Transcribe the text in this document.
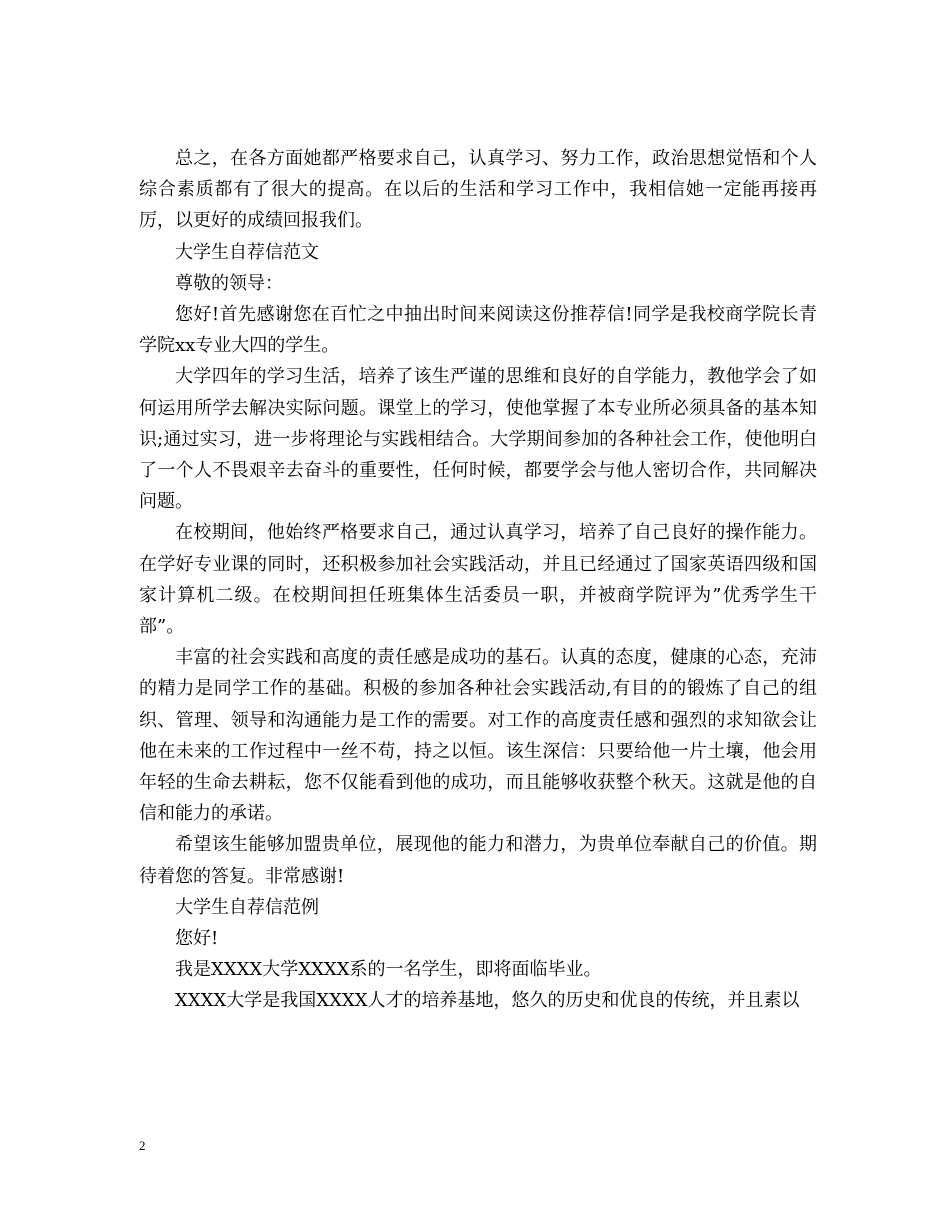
总之，在各方面她都严格要求自己，认真学习、努力工作，政治思想觉悟和个人综合素质都有了很大的提高。在以后的生活和学习工作中，我相信她一定能再接再厉，以更好的成绩回报我们。

大学生自荐信范文

尊敬的领导：

您好!首先感谢您在百忙之中抽出时间来阅读这份推荐信!同学是我校商学院长青学院xx专业大四的学生。

大学四年的学习生活，培养了该生严谨的思维和良好的自学能力，教他学会了如何运用所学去解决实际问题。课堂上的学习，使他掌握了本专业所必须具备的基本知识;通过实习，进一步将理论与实践相结合。大学期间参加的各种社会工作，使他明白了一个人不畏艰辛去奋斗的重要性，任何时候，都要学会与他人密切合作，共同解决问题。

在校期间，他始终严格要求自己，通过认真学习，培养了自己良好的操作能力。在学好专业课的同时，还积极参加社会实践活动，并且已经通过了国家英语四级和国家计算机二级。在校期间担任班集体生活委员一职，并被商学院评为”优秀学生干部”。

丰富的社会实践和高度的责任感是成功的基石。认真的态度，健康的心态，充沛的精力是同学工作的基础。积极的参加各种社会实践活动,有目的的锻炼了自己的组织、管理、领导和沟通能力是工作的需要。对工作的高度责任感和强烈的求知欲会让他在未来的工作过程中一丝不苟，持之以恒。该生深信：只要给他一片土壤，他会用年轻的生命去耕耘，您不仅能看到他的成功，而且能够收获整个秋天。这就是他的自信和能力的承诺。

希望该生能够加盟贵单位，展现他的能力和潜力，为贵单位奉献自己的价值。期待着您的答复。非常感谢!

大学生自荐信范例

您好!

我是XXXX大学XXXX系的一名学生，即将面临毕业。

XXXX大学是我国XXXX人才的培养基地，悠久的历史和优良的传统，并且素以

2
